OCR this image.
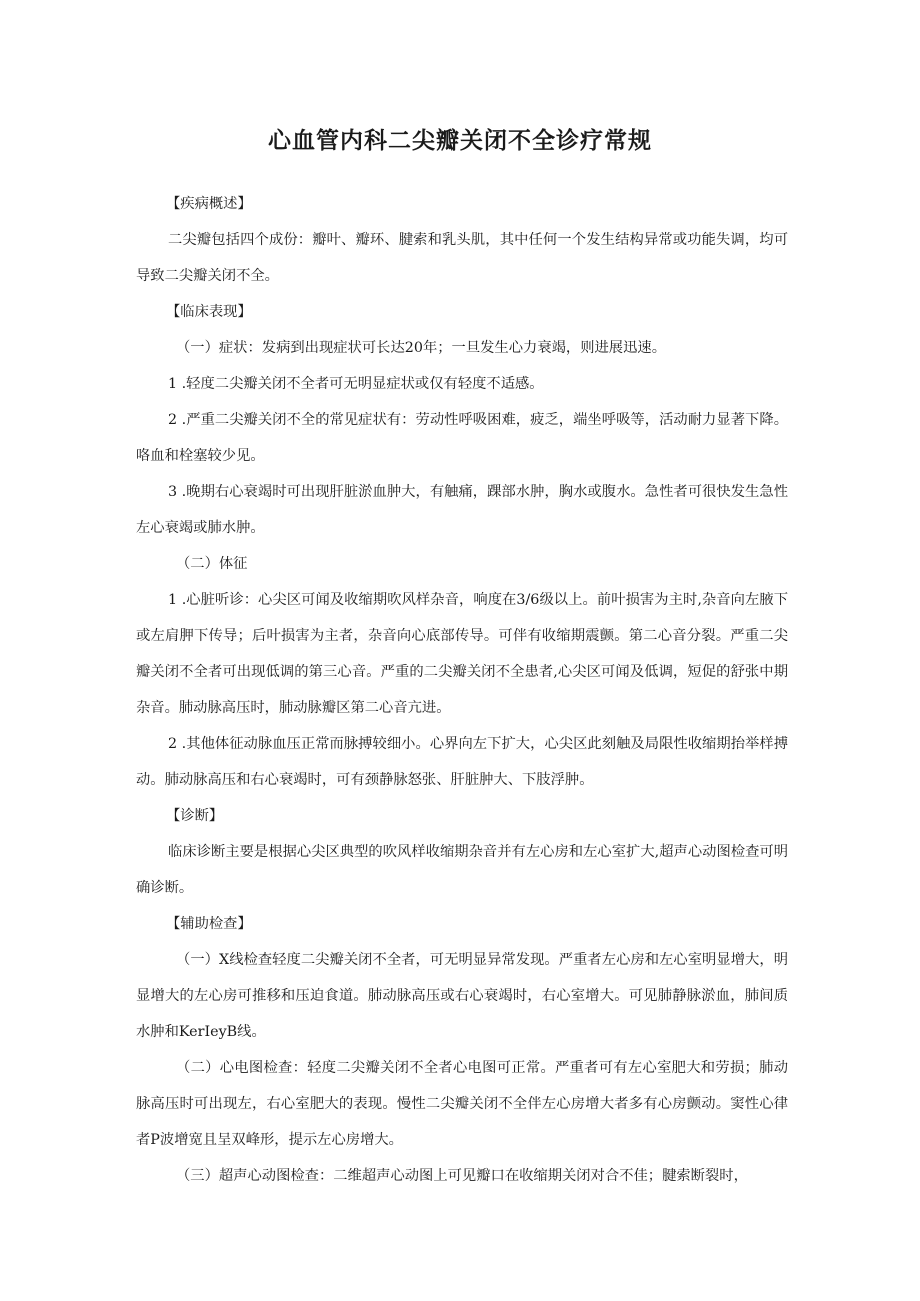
心血管内科二尖瓣关闭不全诊疗常规

【疾病概述】

二尖瓣包括四个成份：瓣叶、瓣环、腱索和乳头肌，其中任何一个发生结构异常或功能失调，均可导致二尖瓣关闭不全。

【临床表现】

（一）症状：发病到出现症状可长达20年；一旦发生心力衰竭，则进展迅速。

1 .轻度二尖瓣关闭不全者可无明显症状或仅有轻度不适感。

2 .严重二尖瓣关闭不全的常见症状有：劳动性呼吸困难，疲乏，端坐呼吸等，活动耐力显著下降。咯血和栓塞较少见。

3 .晚期右心衰竭时可出现肝脏淤血肿大，有触痛，踝部水肿，胸水或腹水。急性者可很快发生急性左心衰竭或肺水肿。

（二）体征

1 .心脏听诊：心尖区可闻及收缩期吹风样杂音，响度在3/6级以上。前叶损害为主时,杂音向左腋下或左肩胛下传导；后叶损害为主者，杂音向心底部传导。可伴有收缩期震颤。第二心音分裂。严重二尖瓣关闭不全者可出现低调的第三心音。严重的二尖瓣关闭不全患者,心尖区可闻及低调，短促的舒张中期杂音。肺动脉高压时，肺动脉瓣区第二心音亢进。

2 .其他体征动脉血压正常而脉搏较细小。心界向左下扩大，心尖区此刻触及局限性收缩期抬举样搏动。肺动脉高压和右心衰竭时，可有颈静脉怒张、肝脏肿大、下肢浮肿。

【诊断】

临床诊断主要是根据心尖区典型的吹风样收缩期杂音并有左心房和左心室扩大,超声心动图检查可明确诊断。

【辅助检查】

（一）X线检查轻度二尖瓣关闭不全者，可无明显异常发现。严重者左心房和左心室明显增大，明显增大的左心房可推移和压迫食道。肺动脉高压或右心衰竭时，右心室增大。可见肺静脉淤血，肺间质水肿和KerIeyB线。

（二）心电图检查：轻度二尖瓣关闭不全者心电图可正常。严重者可有左心室肥大和劳损；肺动脉高压时可出现左，右心室肥大的表现。慢性二尖瓣关闭不全伴左心房增大者多有心房颤动。窦性心律者P波增宽且呈双峰形，提示左心房增大。

（三）超声心动图检查：二维超声心动图上可见瓣口在收缩期关闭对合不佳；腱索断裂时，
